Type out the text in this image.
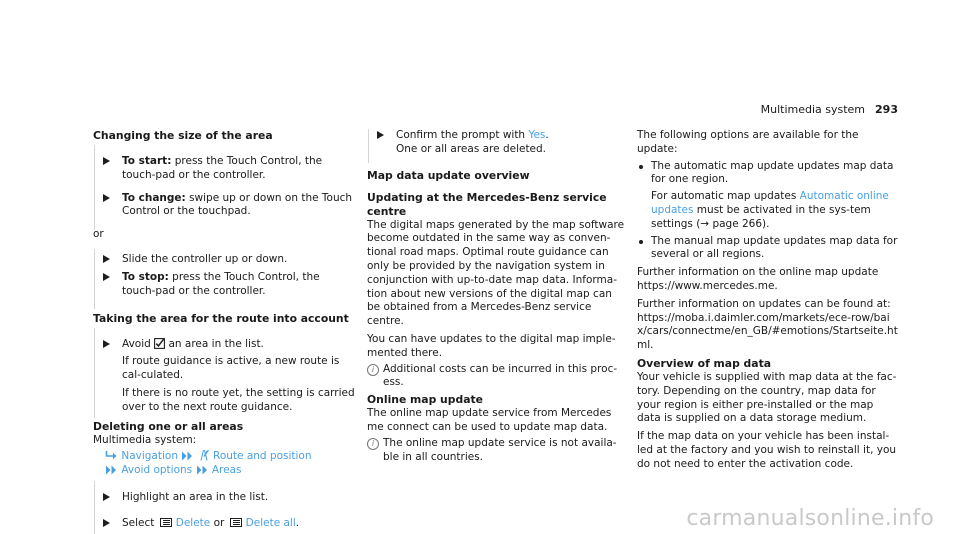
Multimedia system 293
Changing the size of the area
To start: press the Touch Control, the touch-pad or the controller.
To change: swipe up or down on the Touch Control or the touchpad.
or
Slide the controller up or down.
To stop: press the Touch Control, the touch-pad or the controller.
Taking the area for the route into account
Avoid  an area in the list.
If route guidance is active, a new route is cal-culated.
If there is no route yet, the setting is carried over to the next route guidance.
Deleting one or all areas
Multimedia system:
Navigation	Route and position
Avoid options Areas
Highlight an area in the list.
Select Delete or Delete all.
Confirm the prompt with Yes.
One or all areas are deleted.
Map data update overview
Updating at the Mercedes-Benz service centre

The digital maps generated by the map software become outdated in the same way as conven-tional road maps. Optimal route guidance can only be provided by the navigation system in conjunction with up-to-date map data. Informa-tion about new versions of the digital map can be obtained from a Mercedes-Benz service centre.

You can have updates to the digital map imple-mented there.

i Additional costs can be incurred in this proc-ess.
Online map update

The online map update service from Mercedes me connect can be used to update map data.

i The online map update service is not availa-ble in all countries.

The following options are available for the update:

The automatic map update updates map data for one region.
For automatic map updates Automatic online updates must be activated in the sys-tem settings (→ page 266).
The manual map update updates map data for several or all regions.

Further information on the online map update https://www.mercedes.me.

Further information on updates can be found at: https://moba.i.daimler.com/markets/ece-row/baix/cars/connectme/en_GB/#emotions/Startseite.html.

Overview of map data

Your vehicle is supplied with map data at the fac-tory. Depending on the country, map data for your region is either pre-installed or the map data is supplied on a data storage medium.

If the map data on your vehicle has been instal-led at the factory and you wish to reinstall it, you do not need to enter the activation code.

carmanualsonline.info
